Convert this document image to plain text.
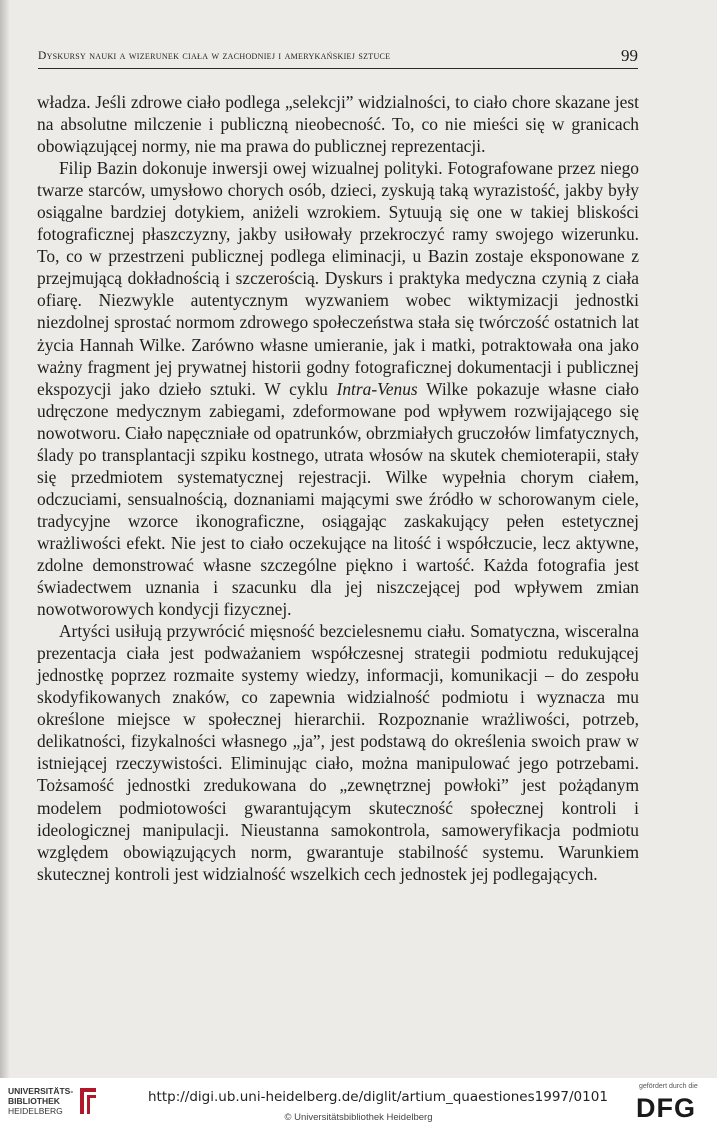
Dyskursy nauki a wizerunek ciała w zachodniej i amerykańskiej sztuce	99

władza. Jeśli zdrowe ciało podlega „selekcji” widzialności, to ciało chore skazane jest na absolutne milczenie i publiczną nieobecność. To, co nie mieści się w granicach obowiązującej normy, nie ma prawa do publicznej reprezentacji.

Filip Bazin dokonuje inwersji owej wizualnej polityki. Fotografowane przez niego twarze starców, umysłowo chorych osób, dzieci, zyskują taką wyrazistość, jakby były osiągalne bardziej dotykiem, aniżeli wzrokiem. Sytuują się one w takiej bliskości fotograficznej płaszczyzny, jakby usiłowały przekroczyć ramy swojego wizerunku. To, co w przestrzeni publicznej podlega eliminacji, u Bazin zostaje eksponowane z przejmującą dokładnością i szczerością. Dyskurs i praktyka medyczna czynią z ciała ofiarę. Niezwykle autentycznym wyzwaniem wobec wiktymizacji jednostki niezdolnej sprostać normom zdrowego społeczeństwa stała się twórczość ostatnich lat życia Hannah Wilke. Zarówno własne umieranie, jak i matki, potraktowała ona jako ważny fragment jej prywatnej historii godny fotograficznej dokumentacji i publicznej ekspozycji jako dzieło sztuki. W cyklu Intra-Venus Wilke pokazuje własne ciało udręczone medycznym zabiegami, zdeformowane pod wpływem rozwijającego się nowotworu. Ciało napęczniałe od opatrunków, obrzmiałych gruczołów limfatycznych, ślady po transplantacji szpiku kostnego, utrata włosów na skutek chemioterapii, stały się przedmiotem systematycznej rejestracji. Wilke wypełnia chorym ciałem, odczuciami, sensualnością, doznaniami mającymi swe źródło w schorowanym ciele, tradycyjne wzorce ikonograficzne, osiągając zaskakujący pełen estetycznej wrażliwości efekt. Nie jest to ciało oczekujące na litość i współczucie, lecz aktywne, zdolne demonstrować własne szczególne piękno i wartość. Każda fotografia jest świadectwem uznania i szacunku dla jej niszczejącej pod wpływem zmian nowotworowych kondycji fizycznej.

Artyści usiłują przywrócić mięsność bezcielesnemu ciału. Somatyczna, wisceralna prezentacja ciała jest podważaniem współczesnej strategii podmiotu redukującej jednostkę poprzez rozmaite systemy wiedzy, informacji, komunikacji – do zespołu skodyfikowanych znaków, co zapewnia widzialność podmiotu i wyznacza mu określone miejsce w społecznej hierarchii. Rozpoznanie wrażliwości, potrzeb, delikatności, fizykalności własnego „ja”, jest podstawą do określenia swoich praw w istniejącej rzeczywistości. Eliminując ciało, można manipulować jego potrzebami. Tożsamość jednostki zredukowana do „zewnętrznej powłoki” jest pożądanym modelem podmiotowości gwarantującym skuteczność społecznej kontroli i ideologicznej manipulacji. Nieustanna samokontrola, samoweryfikacja podmiotu względem obowiązujących norm, gwarantuje stabilność systemu. Warunkiem skutecznej kontroli jest widzialność wszelkich cech jednostek jej podlegających.

UNIVERSITÄTS-
BIBLIOTHEK
HEIDELBERG
http://digi.ub.uni-heidelberg.de/diglit/artium_quaestiones1997/0101
© Universitätsbibliothek Heidelberg
gefördert durch die
DFG
